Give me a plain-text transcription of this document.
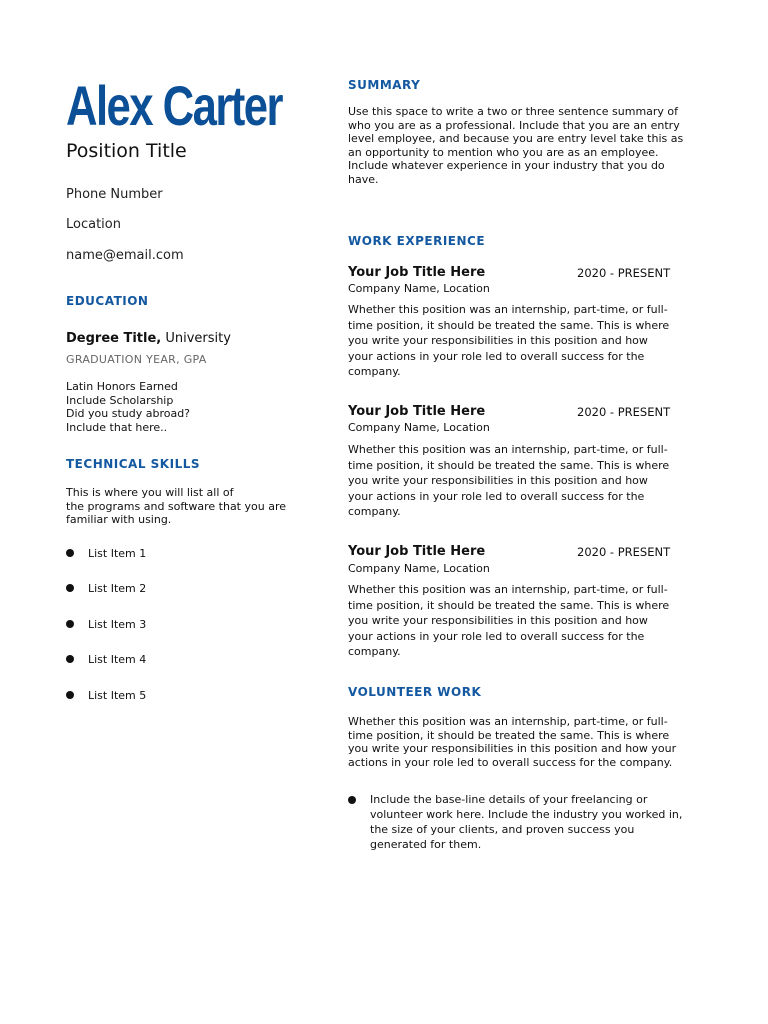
Alex Carter
Position Title
Phone Number
Location
name@email.com
EDUCATION
Degree Title, University
GRADUATION YEAR, GPA
Latin Honors Earned
Include Scholarship
Did you study abroad?
Include that here..
TECHNICAL SKILLS
This is where you will list all of
the programs and software that you are
familiar with using.
List Item 1
List Item 2
List Item 3
List Item 4
List Item 5
SUMMARY
Use this space to write a two or three sentence summary of
who you are as a professional. Include that you are an entry
level employee, and because you are entry level take this as
an opportunity to mention who you are as an employee.
Include whatever experience in your industry that you do
have.
WORK EXPERIENCE
Your Job Title Here	2020 - PRESENT
Company Name, Location
Whether this position was an internship, part-time, or full-
time position, it should be treated the same. This is where
you write your responsibilities in this position and how
your actions in your role led to overall success for the
company.
Your Job Title Here	2020 - PRESENT
Company Name, Location
Whether this position was an internship, part-time, or full-
time position, it should be treated the same. This is where
you write your responsibilities in this position and how
your actions in your role led to overall success for the
company.
Your Job Title Here	2020 - PRESENT
Company Name, Location
Whether this position was an internship, part-time, or full-
time position, it should be treated the same. This is where
you write your responsibilities in this position and how
your actions in your role led to overall success for the
company.
VOLUNTEER WORK
Whether this position was an internship, part-time, or full-
time position, it should be treated the same. This is where
you write your responsibilities in this position and how your
actions in your role led to overall success for the company.
Include the base-line details of your freelancing or
volunteer work here. Include the industry you worked in,
the size of your clients, and proven success you
generated for them.
